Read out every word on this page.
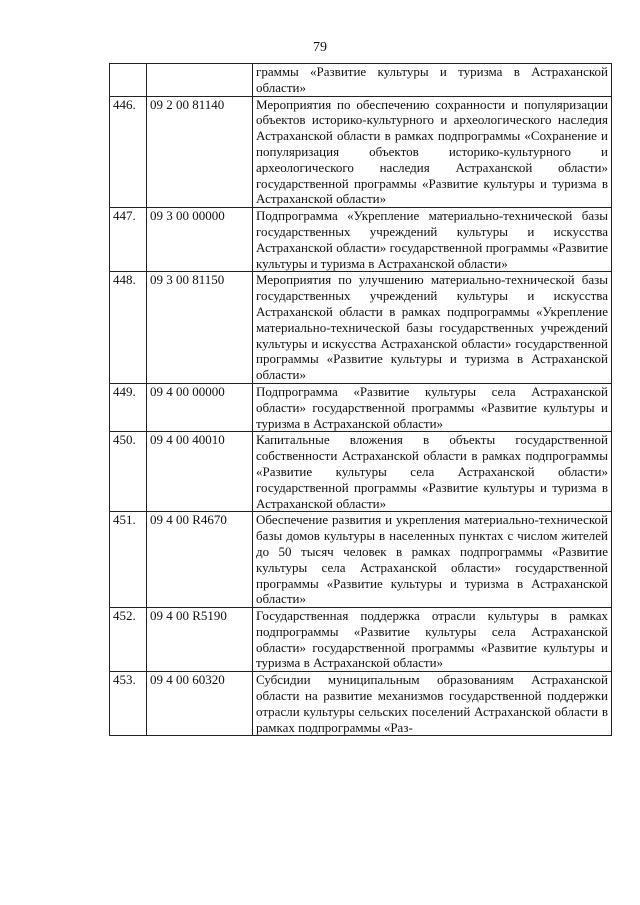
79
		граммы «Развитие культуры и туризма в Астраханской области»
446.	09 2 00 81140	Мероприятия по обеспечению сохранности и популяризации объектов историко-культурного и археологического наследия Астраханской области в рамках подпрограммы «Сохранение и популяризация объектов историко-культурного и археологического наследия Астраханской области» государственной программы «Развитие культуры и туризма в Астраханской области»
447.	09 3 00 00000	Подпрограмма «Укрепление материально-технической базы государственных учреждений культуры и искусства Астраханской области» государственной программы «Развитие культуры и туризма в Астраханской области»
448.	09 3 00 81150	Мероприятия по улучшению материально-технической базы государственных учреждений культуры и искусства Астраханской области в рамках подпрограммы «Укрепление материально-технической базы государственных учреждений культуры и искусства Астраханской области» государственной программы «Развитие культуры и туризма в Астраханской области»
449.	09 4 00 00000	Подпрограмма «Развитие культуры села Астраханской области» государственной программы «Развитие культуры и туризма в Астраханской области»
450.	09 4 00 40010	Капитальные вложения в объекты государственной собственности Астраханской области в рамках подпрограммы «Развитие культуры села Астраханской области» государственной программы «Развитие культуры и туризма в Астраханской области»
451.	09 4 00 R4670	Обеспечение развития и укрепления материально-технической базы домов культуры в населенных пунктах с числом жителей до 50 тысяч человек в рамках подпрограммы «Развитие культуры села Астраханской области» государственной программы «Развитие культуры и туризма в Астраханской области»
452.	09 4 00 R5190	Государственная поддержка отрасли культуры в рамках подпрограммы «Развитие культуры села Астраханской области» государственной программы «Развитие культуры и туризма в Астраханской области»
453.	09 4 00 60320	Субсидии муниципальным образованиям Астраханской области на развитие механизмов государственной поддержки отрасли культуры сельских поселений Астраханской области в рамках подпрограммы «Раз-
